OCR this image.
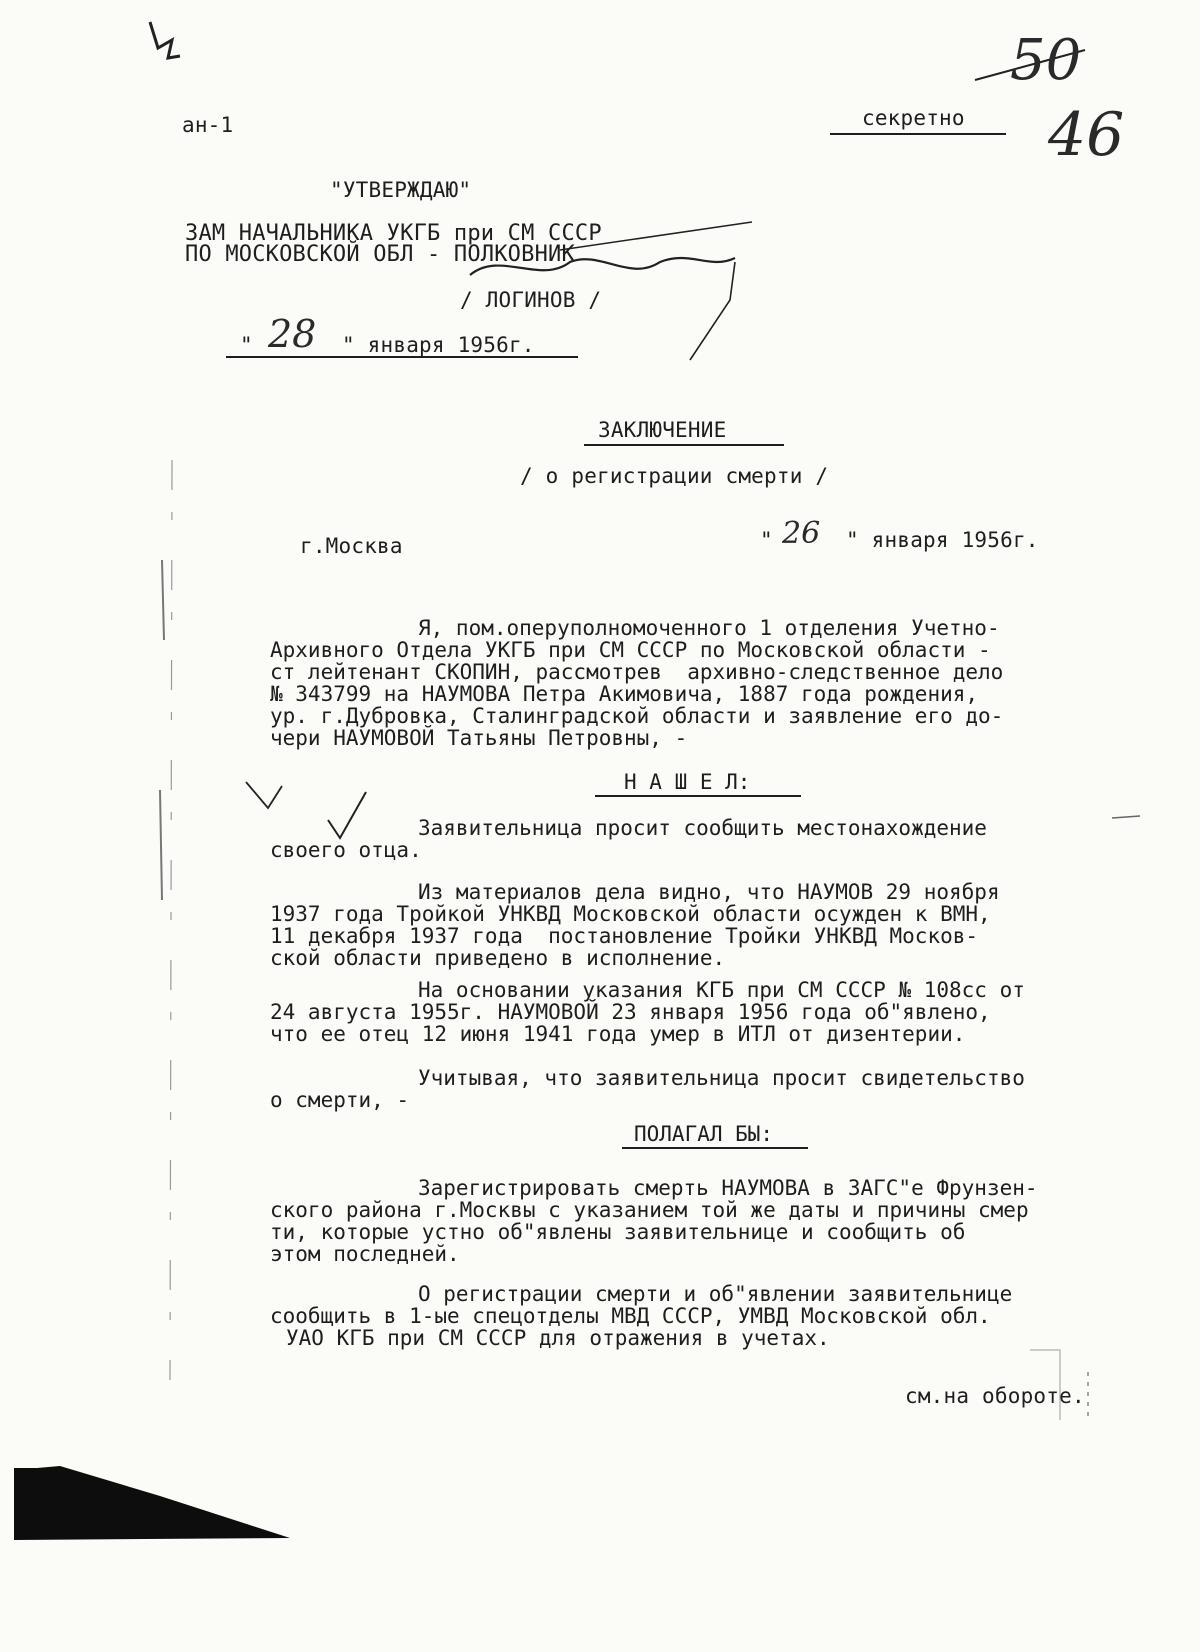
ан-1	секретно
50
46
"УТВЕРЖДАЮ"
ЗАМ НАЧАЛЬНИКА УКГБ при СМ СССР
ПО МОСКОВСКОЙ ОБЛ - ПОЛКОВНИК
/ ЛОГИНОВ /
" 28 " января 1956г.
ЗАКЛЮЧЕНИЕ
/ о регистрации смерти /
г.Москва	" 26 " января 1956г.
Я, пом.оперуполномоченного 1 отделения Учетно-
Архивного Отдела УКГБ при СМ СССР по Московской области -
ст лейтенант СКОПИН, рассмотрев  архивно-следственное дело
№ 343799 на НАУМОВА Петра Акимовича, 1887 года рождения,
ур. г.Дубровка, Сталинградской области и заявление его до-
чери НАУМОВОЙ Татьяны Петровны, -
Н А Ш Е Л:
Заявительница просит сообщить местонахождение
своего отца.
Из материалов дела видно, что НАУМОВ 29 ноября
1937 года Тройкой УНКВД Московской области осужден к ВМН,
11 декабря 1937 года  постановление Тройки УНКВД Москов-
ской области приведено в исполнение.
На основании указания КГБ при СМ СССР № 108сс от
24 августа 1955г. НАУМОВОЙ 23 января 1956 года об"явлено,
что ее отец 12 июня 1941 года умер в ИТЛ от дизентерии.
Учитывая, что заявительница просит свидетельство
о смерти, -
ПОЛАГАЛ БЫ:
Зарегистрировать смерть НАУМОВА в ЗАГС"е Фрунзен-
ского района г.Москвы с указанием той же даты и причины смер
ти, которые устно об"явлены заявительнице и сообщить об
этом последней.
О регистрации смерти и об"явлении заявительнице
сообщить в 1-ые спецотделы МВД СССР, УМВД Московской обл.
УАО КГБ при СМ СССР для отражения в учетах.
см.на обороте.
